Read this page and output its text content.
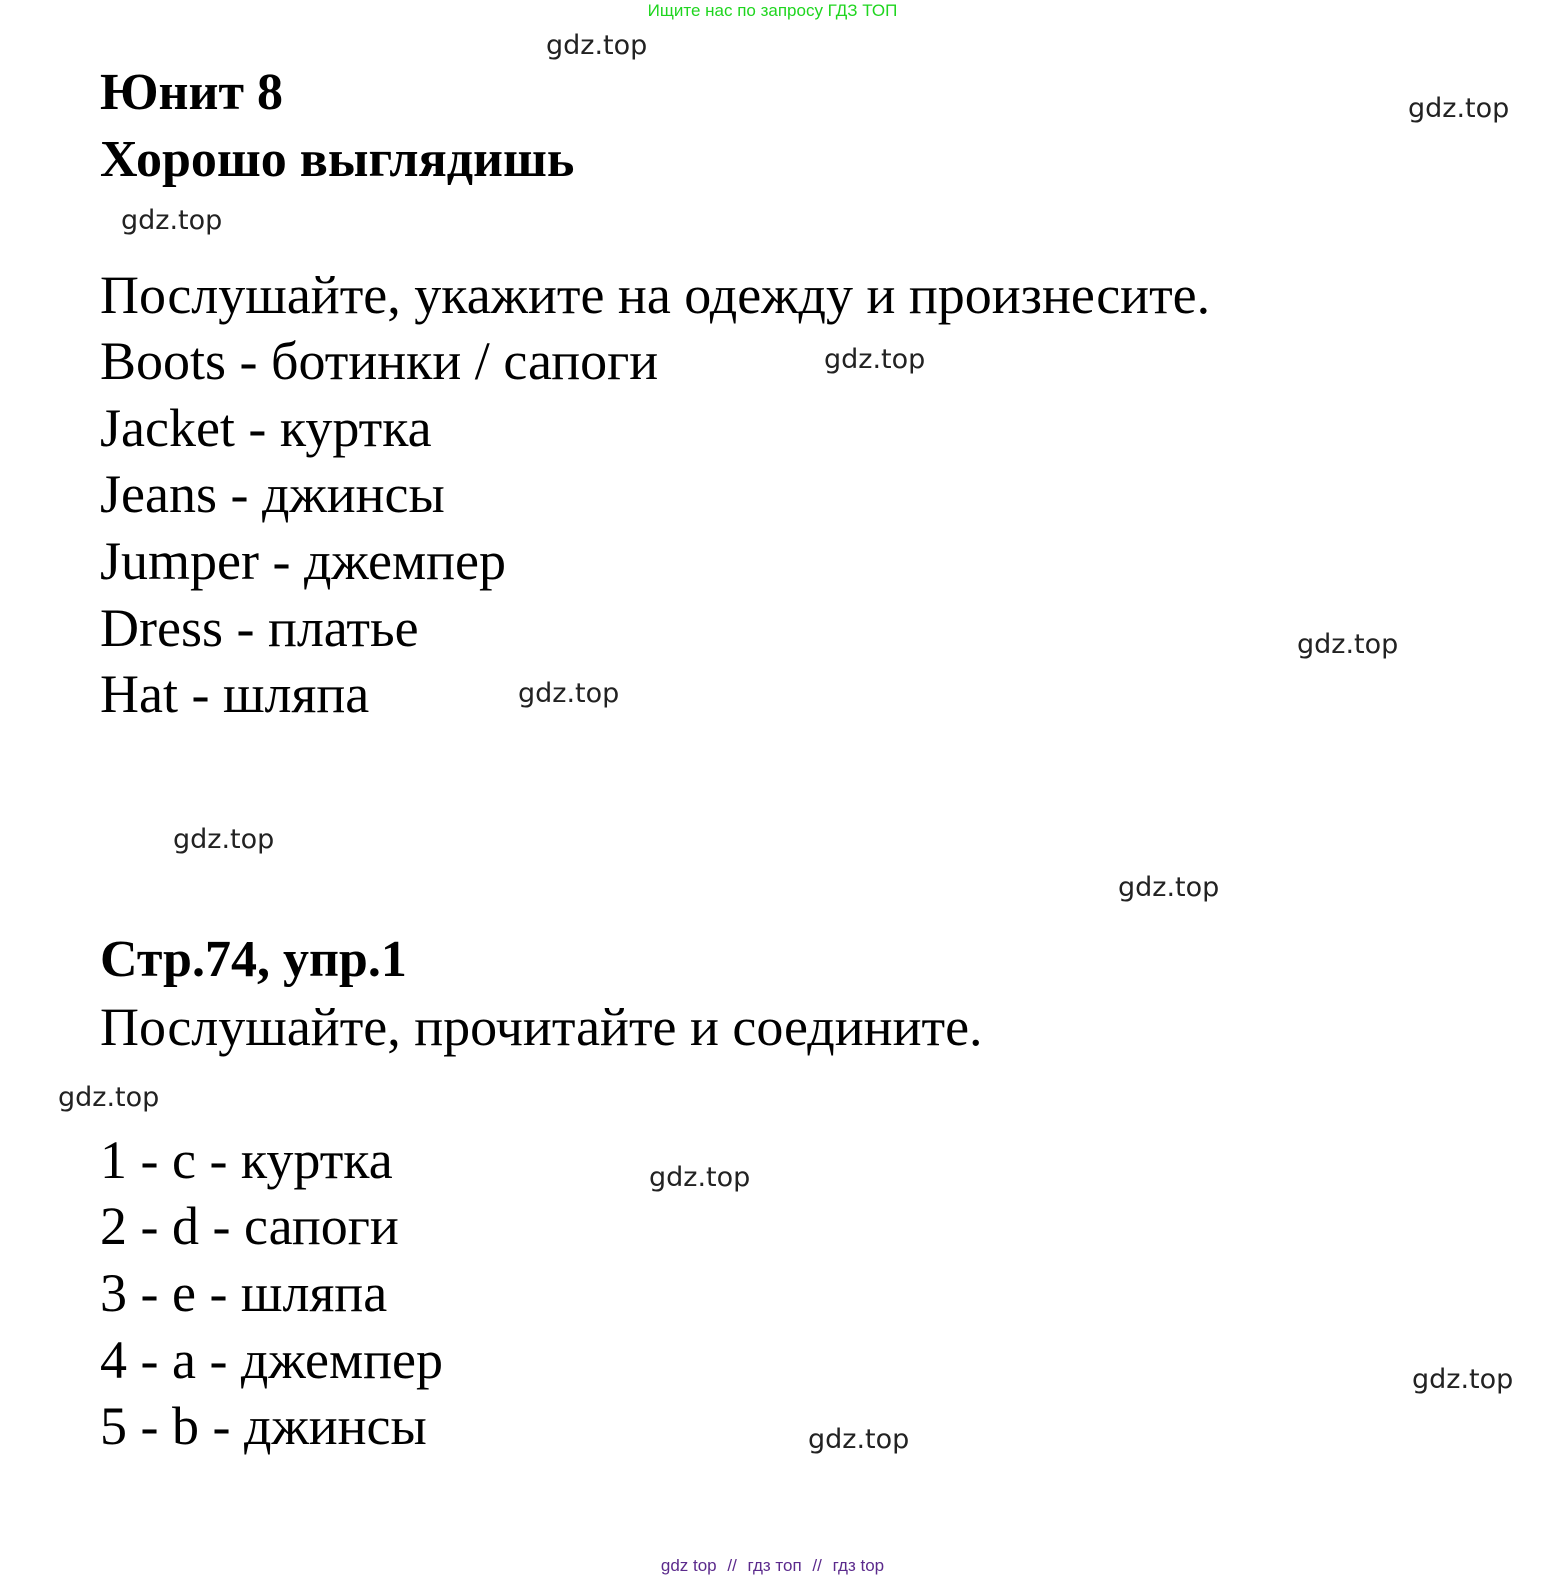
Ищите нас по запросу ГДЗ ТОП
Юнит 8
Хорошо выглядишь

Послушайте, укажите на одежду и произнесите.

Boots - ботинки / сапоги

Jacket - куртка

Jeans - джинсы

Jumper - джемпер

Dress - платье

Hat - шляпа

Стр.74, упр.1

Послушайте, прочитайте и соедините.

1 - c - куртка

2 - d - сапоги

3 - e - шляпа

4 - a - джемпер

5 - b - джинсы

gdz.top
gdz.top
gdz.top
gdz.top
gdz.top
gdz.top
gdz.top
gdz.top
gdz.top
gdz.top
gdz.top
gdz.top
gdz top // гдз топ // гдз top
